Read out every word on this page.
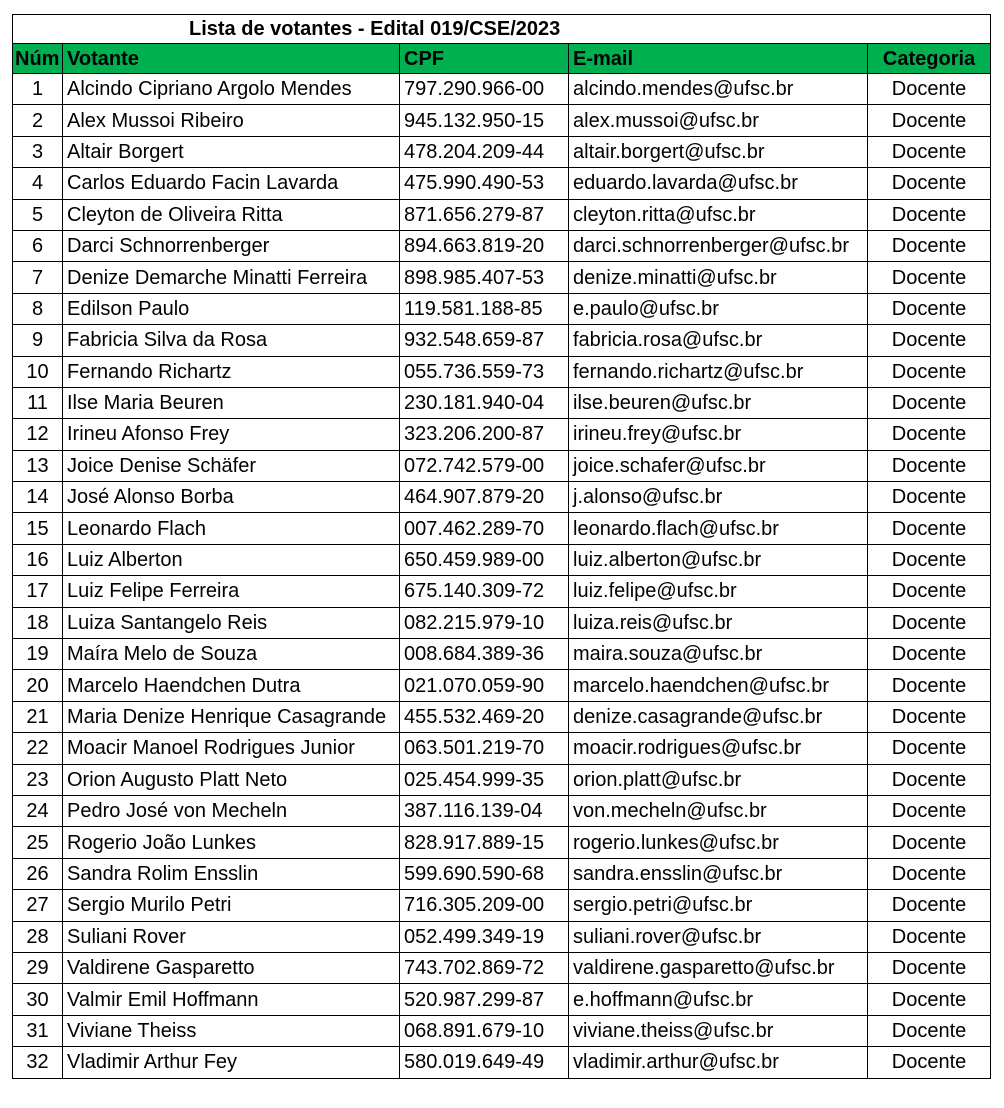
Lista de votantes - Edital 019/CSE/2023				
Núm	Votante	CPF	E-mail	Categoria
1	Alcindo Cipriano Argolo Mendes	797.290.966-00	alcindo.mendes@ufsc.br	Docente
2	Alex Mussoi Ribeiro	945.132.950-15	alex.mussoi@ufsc.br	Docente
3	Altair Borgert	478.204.209-44	altair.borgert@ufsc.br	Docente
4	Carlos Eduardo Facin Lavarda	475.990.490-53	eduardo.lavarda@ufsc.br	Docente
5	Cleyton de Oliveira Ritta	871.656.279-87	cleyton.ritta@ufsc.br	Docente
6	Darci Schnorrenberger	894.663.819-20	darci.schnorrenberger@ufsc.br	Docente
7	Denize Demarche Minatti Ferreira	898.985.407-53	denize.minatti@ufsc.br	Docente
8	Edilson Paulo	119.581.188-85	e.paulo@ufsc.br	Docente
9	Fabricia Silva da Rosa	932.548.659-87	fabricia.rosa@ufsc.br	Docente
10	Fernando Richartz	055.736.559-73	fernando.richartz@ufsc.br	Docente
11	Ilse Maria Beuren	230.181.940-04	ilse.beuren@ufsc.br	Docente
12	Irineu Afonso Frey	323.206.200-87	irineu.frey@ufsc.br	Docente
13	Joice Denise Schäfer	072.742.579-00	joice.schafer@ufsc.br	Docente
14	José Alonso Borba	464.907.879-20	j.alonso@ufsc.br	Docente
15	Leonardo Flach	007.462.289-70	leonardo.flach@ufsc.br	Docente
16	Luiz Alberton	650.459.989-00	luiz.alberton@ufsc.br	Docente
17	Luiz Felipe Ferreira	675.140.309-72	luiz.felipe@ufsc.br	Docente
18	Luiza Santangelo Reis	082.215.979-10	luiza.reis@ufsc.br	Docente
19	Maíra Melo de Souza	008.684.389-36	maira.souza@ufsc.br	Docente
20	Marcelo Haendchen Dutra	021.070.059-90	marcelo.haendchen@ufsc.br	Docente
21	Maria Denize Henrique Casagrande	455.532.469-20	denize.casagrande@ufsc.br	Docente
22	Moacir Manoel Rodrigues Junior	063.501.219-70	moacir.rodrigues@ufsc.br	Docente
23	Orion Augusto Platt Neto	025.454.999-35	orion.platt@ufsc.br	Docente
24	Pedro José von Mecheln	387.116.139-04	von.mecheln@ufsc.br	Docente
25	Rogerio João Lunkes	828.917.889-15	rogerio.lunkes@ufsc.br	Docente
26	Sandra Rolim Ensslin	599.690.590-68	sandra.ensslin@ufsc.br	Docente
27	Sergio Murilo Petri	716.305.209-00	sergio.petri@ufsc.br	Docente
28	Suliani Rover	052.499.349-19	suliani.rover@ufsc.br	Docente
29	Valdirene Gasparetto	743.702.869-72	valdirene.gasparetto@ufsc.br	Docente
30	Valmir Emil Hoffmann	520.987.299-87	e.hoffmann@ufsc.br	Docente
31	Viviane Theiss	068.891.679-10	viviane.theiss@ufsc.br	Docente
32	Vladimir Arthur Fey	580.019.649-49	vladimir.arthur@ufsc.br	Docente
